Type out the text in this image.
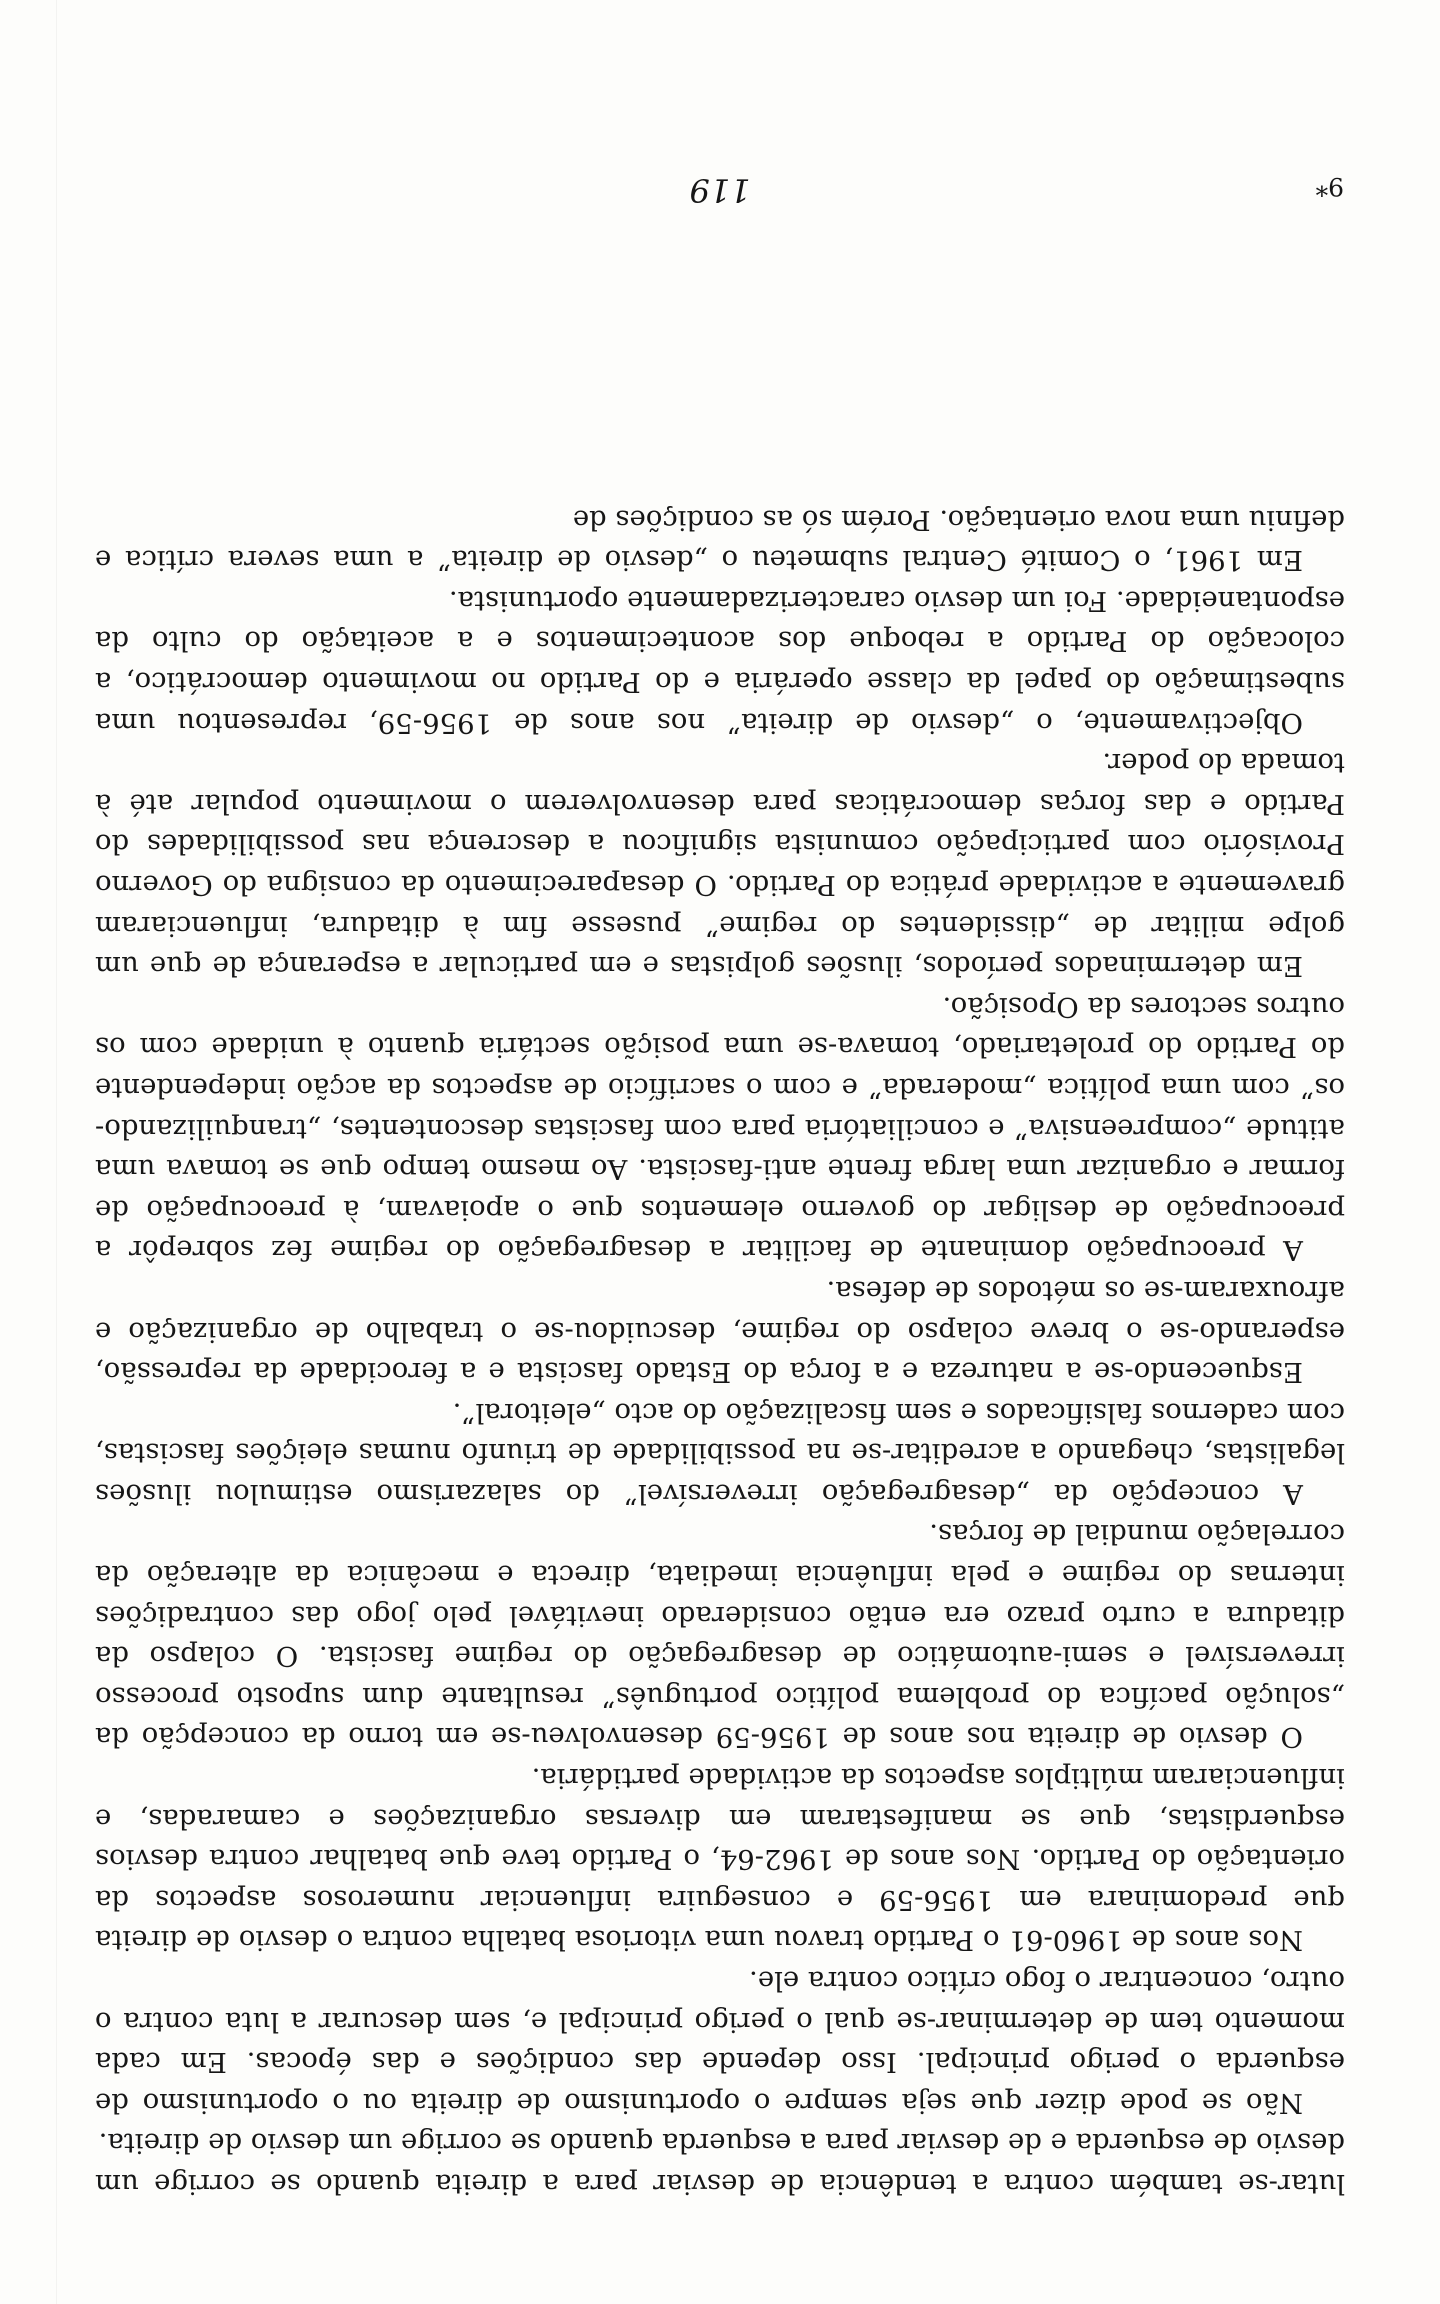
lutar-se também contra a tendência de desviar para a direita quando se corrige um desvio de esquerda e de desviar para a esquerda quando se corrige um desvio de direita.

Não se pode dizer que seja sempre o oportunismo de direita ou o oportunismo de esquerda o perigo principal. Isso depende das condições e das épocas. Em cada momento tem de determinar-se qual o perigo principal e, sem descurar a luta contra o outro, concentrar o fogo crítico contra ele.

Nos anos de 1960-61 o Partido travou uma vitoriosa batalha contra o desvio de direita que predominara em 1956-59 e conseguira influenciar numerosos aspectos da orientação do Partido. Nos anos de 1962-64, o Partido teve que batalhar contra desvios esquerdistas, que se manifestaram em diversas organizações e camaradas, e influenciaram múltiplos aspectos da actividade partidária.

O desvio de direita nos anos de 1956-59 desenvolveu-se em torno da concepção da „solução pacífica do problema político português” resultante dum suposto processo irreversível e semi-automático de desagregação do regime fascista. O colapso da ditadura a curto prazo era então considerado inevitável pelo jogo das contradições internas do regime e pela influência imediata, directa e mecânica da alteração da correlação mundial de forças.

A concepção da „desagregação irreversível” do salazarismo estimulou ilusões legalistas, chegando a acreditar-se na possibilidade de triunfo numas eleições fascistas, com cadernos falsificados e sem fiscalização do acto „eleitoral”.

Esquecendo-se a natureza e a força do Estado fascista e a ferocidade da repressão, esperando-se o breve colapso do regime, descuidou-se o trabalho de organização e afrouxaram-se os métodos de defesa.

A preocupação dominante de facilitar a desagregação do regime fez sobrepôr a preocupação de desligar do governo elementos que o apoiavam, à preocupação de formar e organizar uma larga frente anti-fascista. Ao mesmo tempo que se tomava uma atitude „compreensiva” e conciliatória para com fascistas descontentes, „tranquilizando-os” com uma política „moderada” e com o sacrifício de aspectos da acção independente do Partido do proletariado, tomava-se uma posição sectária quanto à unidade com os outros sectores da Oposição.

Em determinados períodos, ilusões golpistas e em particular a esperança de que um golpe militar de „dissidentes do regime” pusesse fim à ditadura, influenciaram gravemente a actividade prática do Partido. O desaparecimento da consigna do Governo Provisório com participação comunista significou a descrença nas possibilidades do Partido e das forças democráticas para desenvolverem o movimento popular até à tomada do poder.

Objectivamente, o „desvio de direita” nos anos de 1956-59, representou uma subestimação do papel da classe operária e do Partido no movimento democrático, a colocação do Partido a reboque dos acontecimentos e a aceitação do culto da espontaneidade. Foi um desvio caracterizadamente oportunista.

Em 1961, o Comité Central submeteu o „desvio de direita” a uma severa crítica e definiu uma nova orientação. Porém só as condições de

119	9*
